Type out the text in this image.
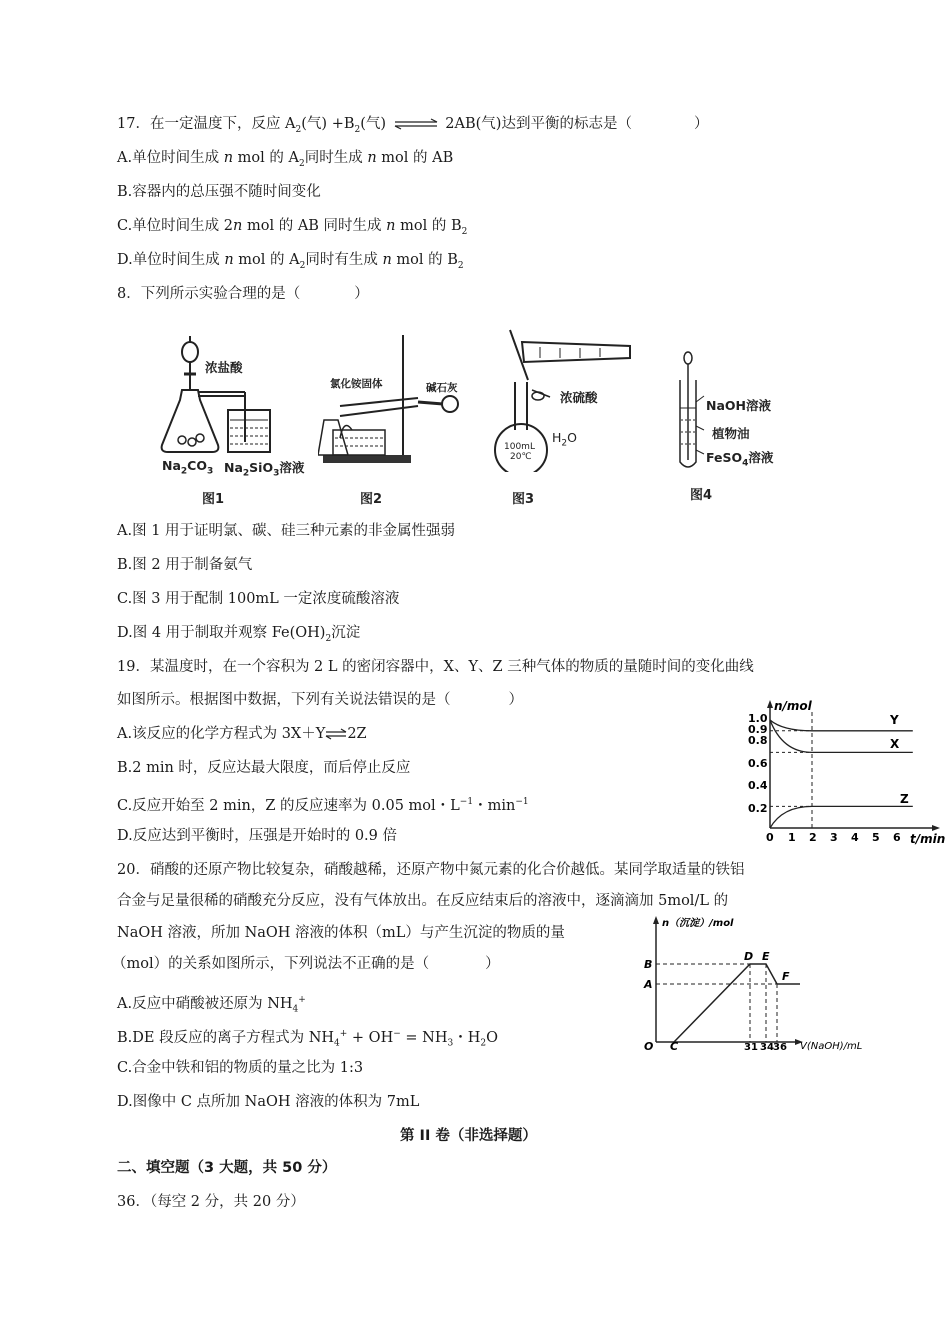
17．在一定温度下，反应 $A_2$(气) $+B_2$(气) ⇌ 2AB(气)达到平衡的标志是（	）
A.单位时间生成 n mol 的 $A_2$同时生成 n mol 的 AB
B.容器内的总压强不随时间变化
C.单位时间生成 2n mol 的 AB 同时生成 n mol 的 $B_2$
D.单位时间生成 n mol 的 $A_2$同时有生成 n mol 的 $B_2$
8．下列所示实验合理的是（	）
浓盐酸
$Na_2CO_3$ $Na_2SiO_3$溶液
图1
氯化铵固体	碱石灰
图2
浓硫酸
$H_2O$
100mL
20℃
图3
NaOH溶液
植物油
FeSO$_4$溶液
图4
A.图 1 用于证明氯、碳、硅三种元素的非金属性强弱
B.图 2 用于制备氨气
C.图 3 用于配制 100mL 一定浓度硫酸溶液
D.图 4 用于制取并观察 $Fe(OH)_2$沉淀
19．某温度时，在一个容积为 2 L 的密闭容器中，X、Y、Z 三种气体的物质的量随时间的变化曲线
如图所示。根据图中数据，下列有关说法错误的是（	）
A.该反应的化学方程式为 3X＋Y⇌2Z
B.2 min 时，反应达最大限度，而后停止反应
C.反应开始至 2 min，Z 的反应速率为 0.05 mol・$L^{-1}$・$\min^{-1}$
D.反应达到平衡时，压强是开始时的 0.9 倍
n/mol
t/min
0
1.0
0.9
0.8
0.6
0.4
0.2
1 2 3 4 5 6
Y
X
Z
20．硝酸的还原产物比较复杂，硝酸越稀，还原产物中氮元素的化合价越低。某同学取适量的铁铝
合金与足量很稀的硝酸充分反应，没有气体放出。在反应结束后的溶液中，逐滴滴加 5mol/L 的
NaOH 溶液，所加 NaOH 溶液的体积（mL）与产生沉淀的物质的量
（mol）的关系如图所示，下列说法不正确的是（	）
A.反应中硝酸被还原为 $NH_4^+$
B.DE 段反应的离子方程式为 $NH_4^+ + OH^- = NH_3$・$H_2O$
C.合金中铁和铝的物质的量之比为 1:3
D.图像中 C 点所加 NaOH 溶液的体积为 7mL
n（沉淀）/mol
V(NaOH)/mL
O
B
A
C
D E
F
31 34 36
第 II 卷（非选择题）
二、填空题（3 大题，共 50 分）
36．（每空 2 分，共 20 分）
